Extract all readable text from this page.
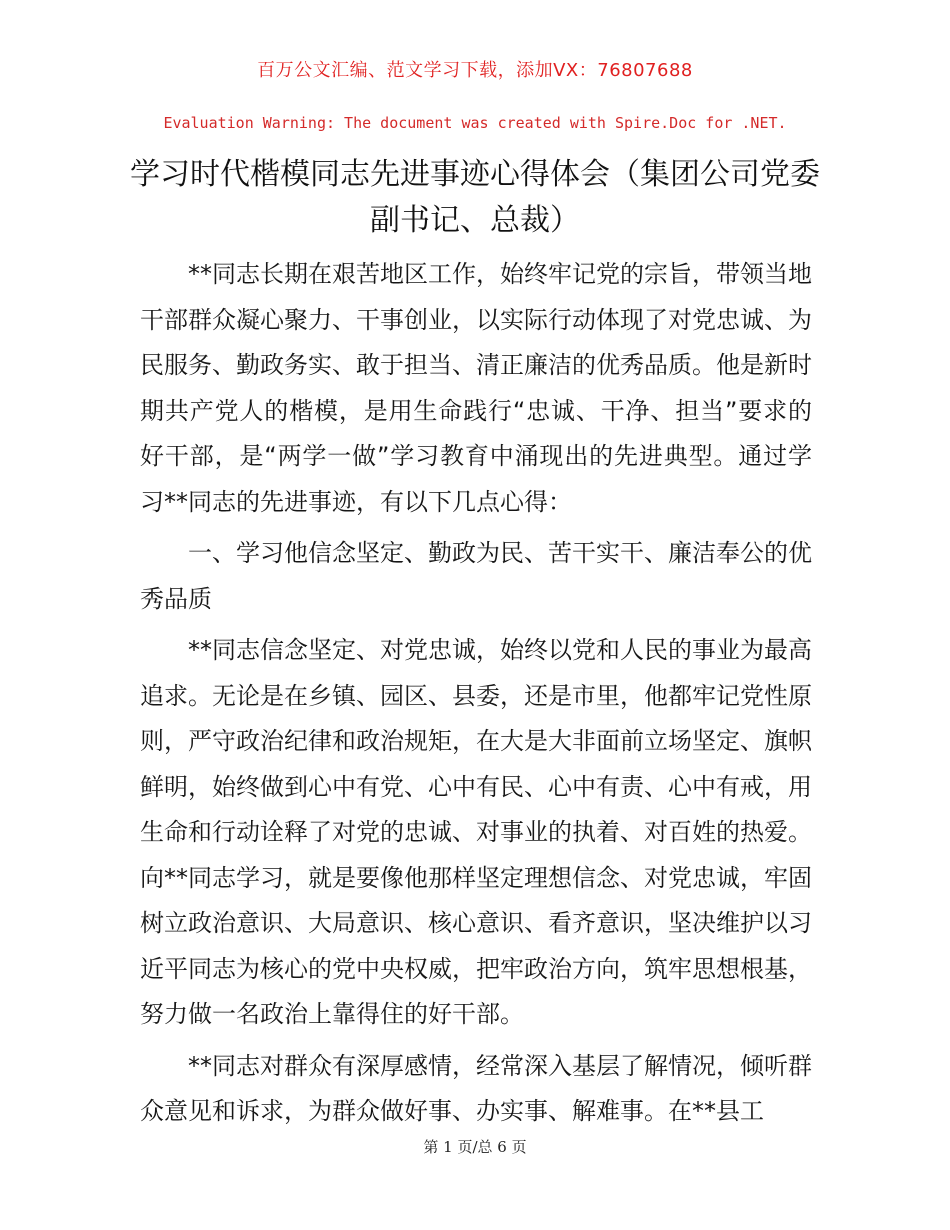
百万公文汇编、范文学习下载，添加VX：76807688
Evaluation Warning: The document was created with Spire.Doc for .NET.
学习时代楷模同志先进事迹心得体会（集团公司党委副书记、总裁）

**同志长期在艰苦地区工作，始终牢记党的宗旨，带领当地干部群众凝心聚力、干事创业，以实际行动体现了对党忠诚、为民服务、勤政务实、敢于担当、清正廉洁的优秀品质。他是新时期共产党人的楷模，是用生命践行“忠诚、干净、担当”要求的好干部，是“两学一做”学习教育中涌现出的先进典型。通过学习**同志的先进事迹，有以下几点心得：

一、学习他信念坚定、勤政为民、苦干实干、廉洁奉公的优秀品质

**同志信念坚定、对党忠诚，始终以党和人民的事业为最高追求。无论是在乡镇、园区、县委，还是市里，他都牢记党性原则，严守政治纪律和政治规矩，在大是大非面前立场坚定、旗帜鲜明，始终做到心中有党、心中有民、心中有责、心中有戒，用生命和行动诠释了对党的忠诚、对事业的执着、对百姓的热爱。向**同志学习，就是要像他那样坚定理想信念、对党忠诚，牢固树立政治意识、大局意识、核心意识、看齐意识，坚决维护以习近平同志为核心的党中央权威，把牢政治方向，筑牢思想根基，努力做一名政治上靠得住的好干部。

**同志对群众有深厚感情，经常深入基层了解情况，倾听群众意见和诉求，为群众做好事、办实事、解难事。在**县工

第 1 页/总 6 页
